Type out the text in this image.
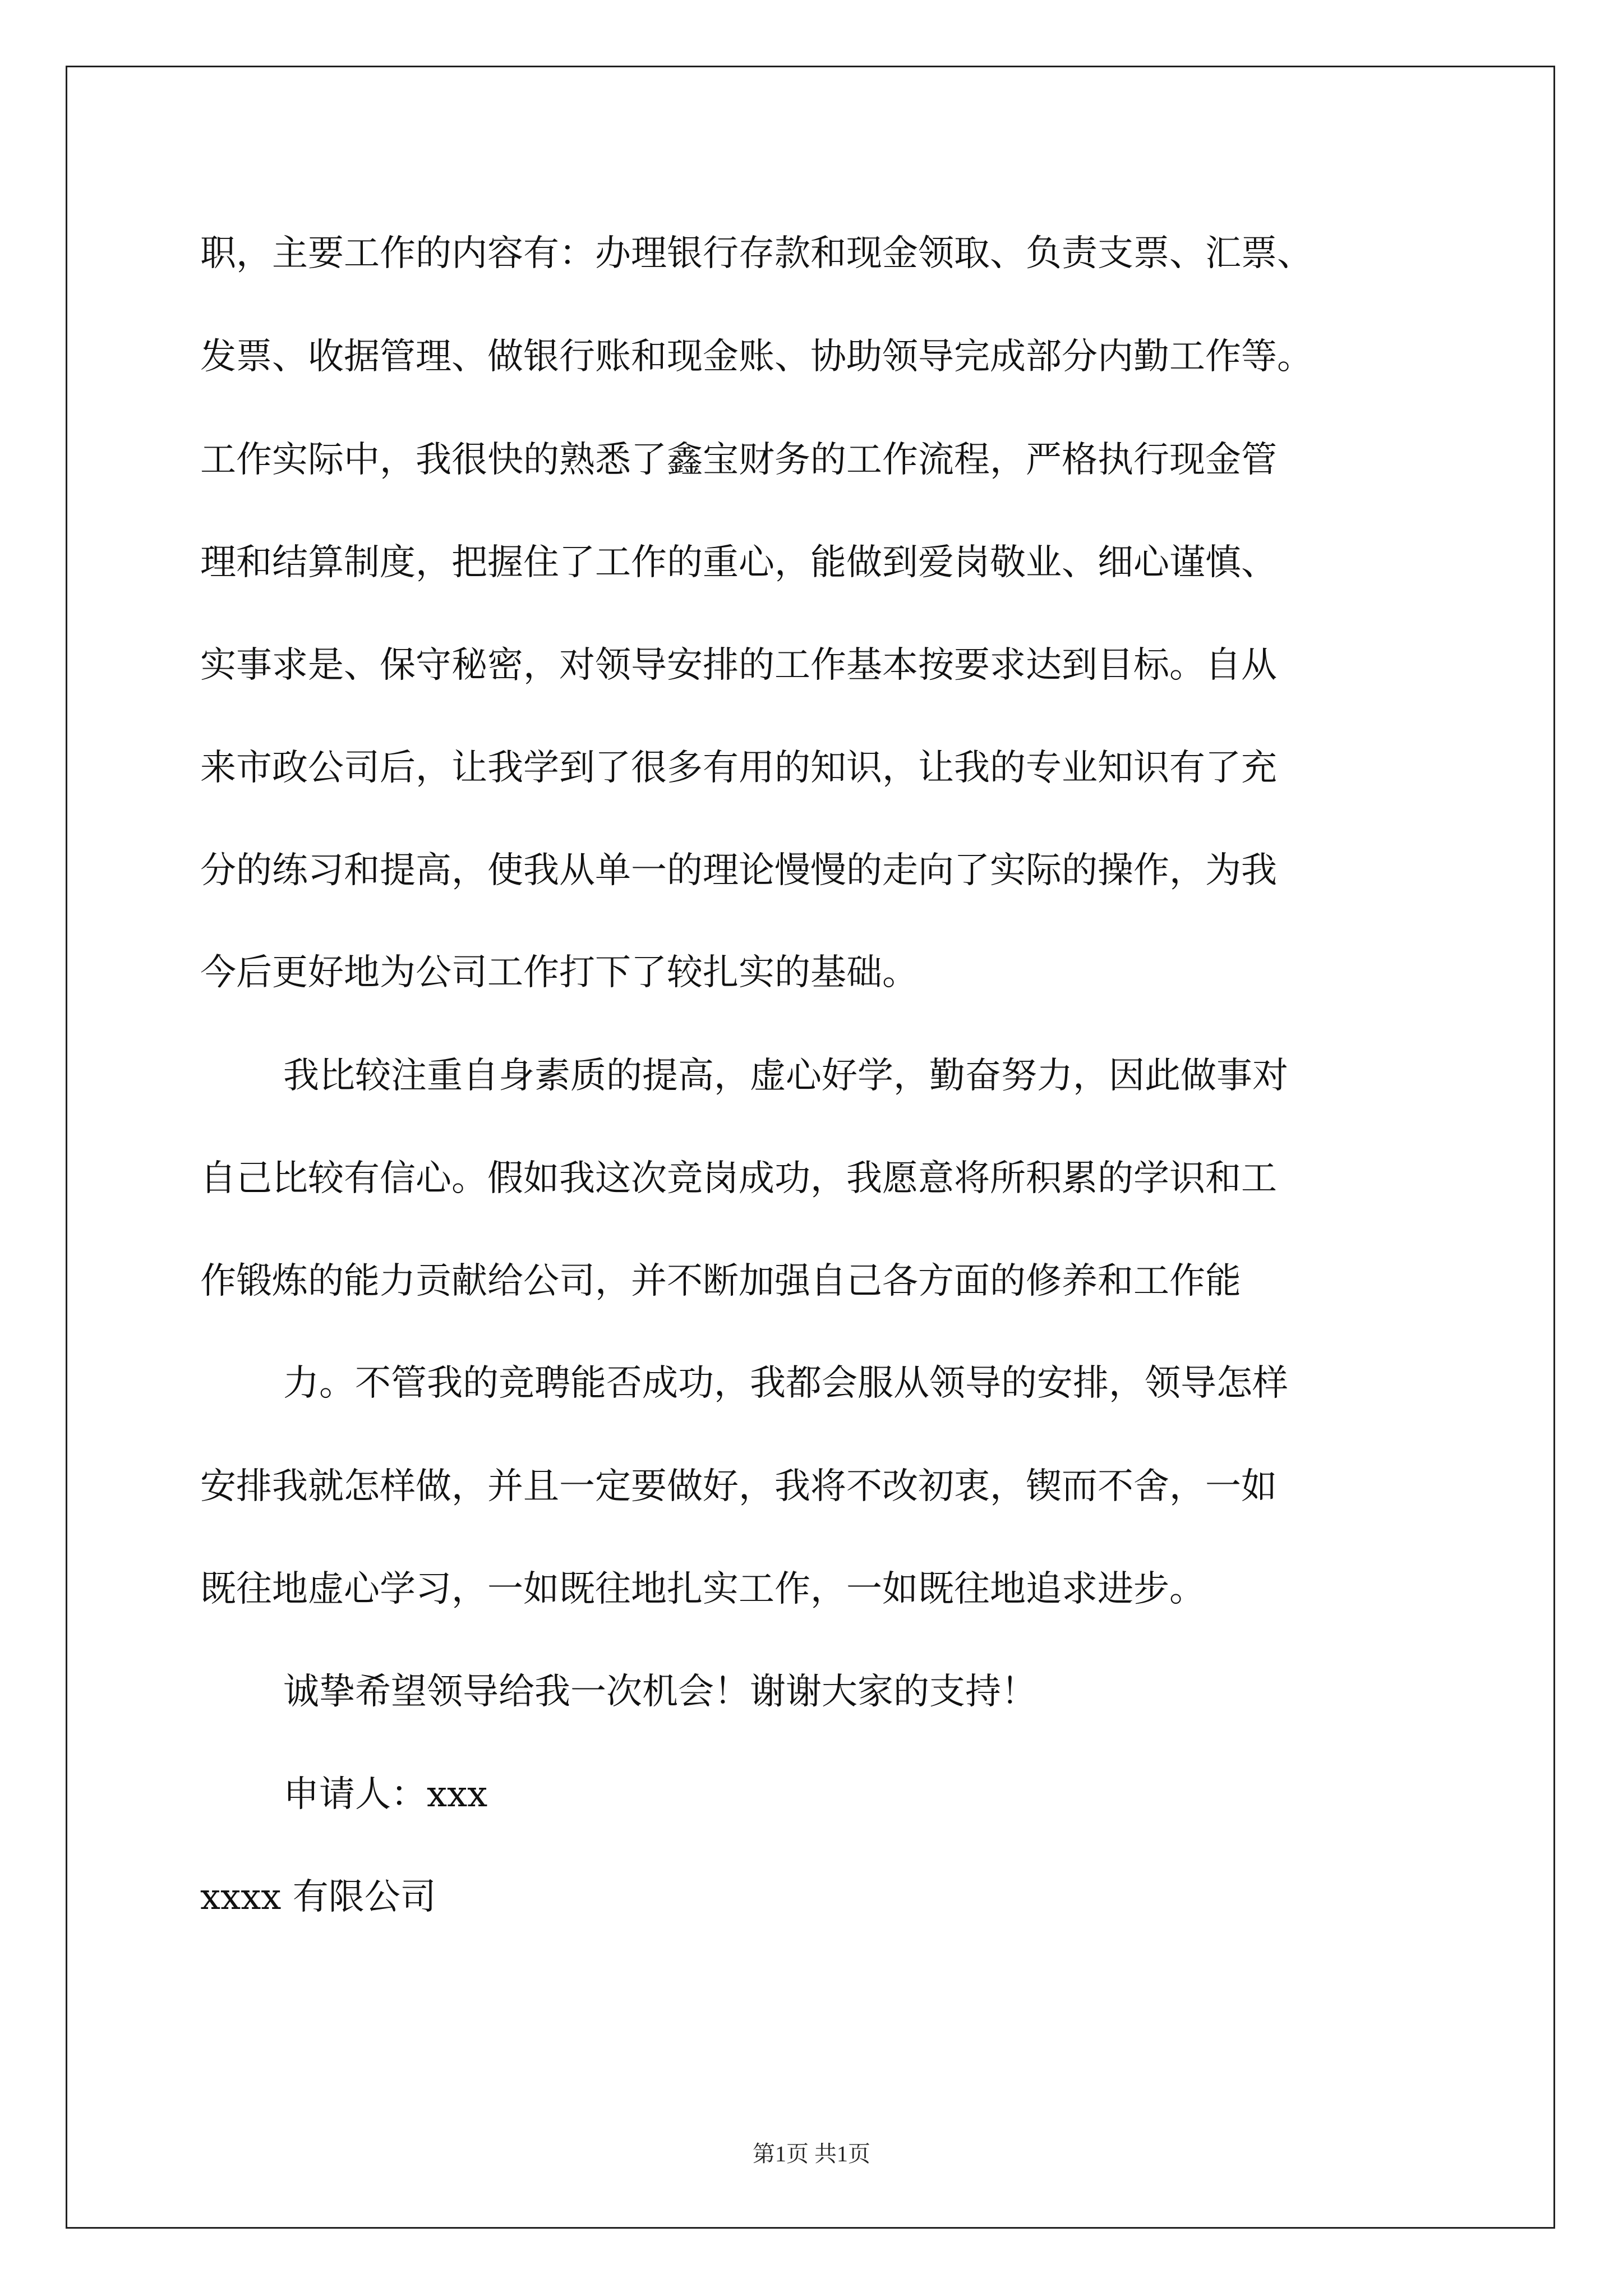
职，主要工作的内容有：办理银行存款和现金领取、负责支票、汇票、
发票、收据管理、做银行账和现金账、协助领导完成部分内勤工作等。
工作实际中，我很快的熟悉了鑫宝财务的工作流程，严格执行现金管
理和结算制度，把握住了工作的重心，能做到爱岗敬业、细心谨慎、
实事求是、保守秘密，对领导安排的工作基本按要求达到目标。自从
来市政公司后，让我学到了很多有用的知识，让我的专业知识有了充
分的练习和提高，使我从单一的理论慢慢的走向了实际的操作，为我
今后更好地为公司工作打下了较扎实的基础。
我比较注重自身素质的提高，虚心好学，勤奋努力，因此做事对
自己比较有信心。假如我这次竞岗成功，我愿意将所积累的学识和工
作锻炼的能力贡献给公司，并不断加强自己各方面的修养和工作能
力。不管我的竞聘能否成功，我都会服从领导的安排，领导怎样
安排我就怎样做，并且一定要做好，我将不改初衷，锲而不舍，一如
既往地虚心学习，一如既往地扎实工作，一如既往地追求进步。
诚挚希望领导给我一次机会！谢谢大家的支持！
申请人：xxx
xxxx 有限公司
第1页 共1页
